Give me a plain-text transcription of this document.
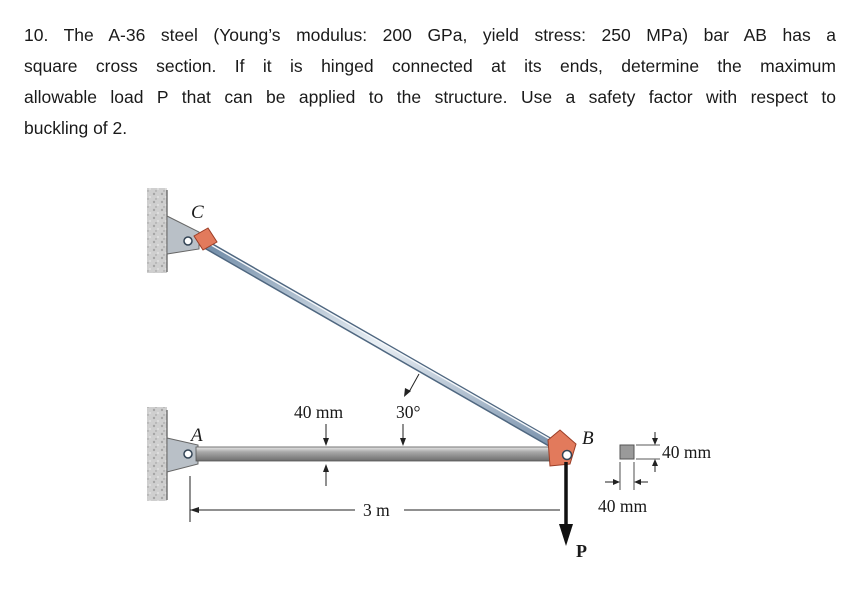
10. The A-36 steel (Young’s modulus: 200 GPa, yield stress: 250 MPa) bar AB has a
square cross section. If it is hinged connected at its ends, determine the maximum
allowable load P that can be applied to the structure. Use a safety factor with respect to
buckling of 2.
C
A	B
P
40 mm	30°
3 m
40 mm
40 mm
